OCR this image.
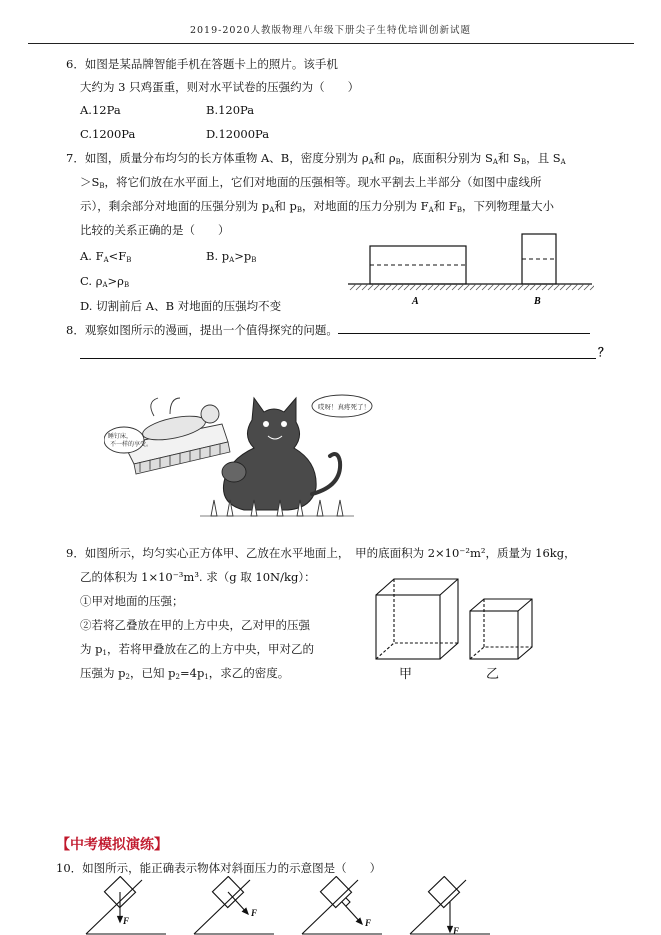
2019-2020人教版物理八年级下册尖子生特优培训创新试题
6．如图是某品牌智能手机在答题卡上的照片。该手机
大约为 3 只鸡蛋重，则对水平试卷的压强约为（　　）
A.12Pa	B.120Pa
C.1200Pa	D.12000Pa
7．如图，质量分布均匀的长方体重物 A、B，密度分别为 $\rho_A$和 $\rho_B$，底面积分别为 $S_A$和 $S_B$，且 $S_A$
$>S_B$，将它们放在水平面上，它们对地面的压强相等。现水平割去上半部分（如图中虚线所
示），剩余部分对地面的压强分别为 $p_A$和 $p_B$，对地面的压力分别为 $F_A$和 $F_B$，下列物理量大小
比较的关系正确的是（　　）
A. $F_A<F_B$	B. $p_A>p_B$
C. $\rho_A>\rho_B$
D. 切割前后 A、B 对地面的压强均不变	A	B
8．观察如图所示的漫画，提出一个值得探究的问题。
？
睡钉床，
不一样的享受。
哎呀！真疼死了！
9．如图所示，均匀实心正方体甲、乙放在水平地面上，　甲的底面积为 2×10⁻²m²，质量为 16kg，
乙的体积为 1×10⁻³m³. 求（g 取 10N/kg）：
①甲对地面的压强；
②若将乙叠放在甲的上方中央，乙对甲的压强
为 $p_1$，若将甲叠放在乙的上方中央，甲对乙的
压强为 $p_2$，已知 $p_2=4p_1$，求乙的密度。	甲	乙
【中考模拟演练】
10．如图所示，能正确表示物体对斜面压力的示意图是（　　）
F
F
F
F
